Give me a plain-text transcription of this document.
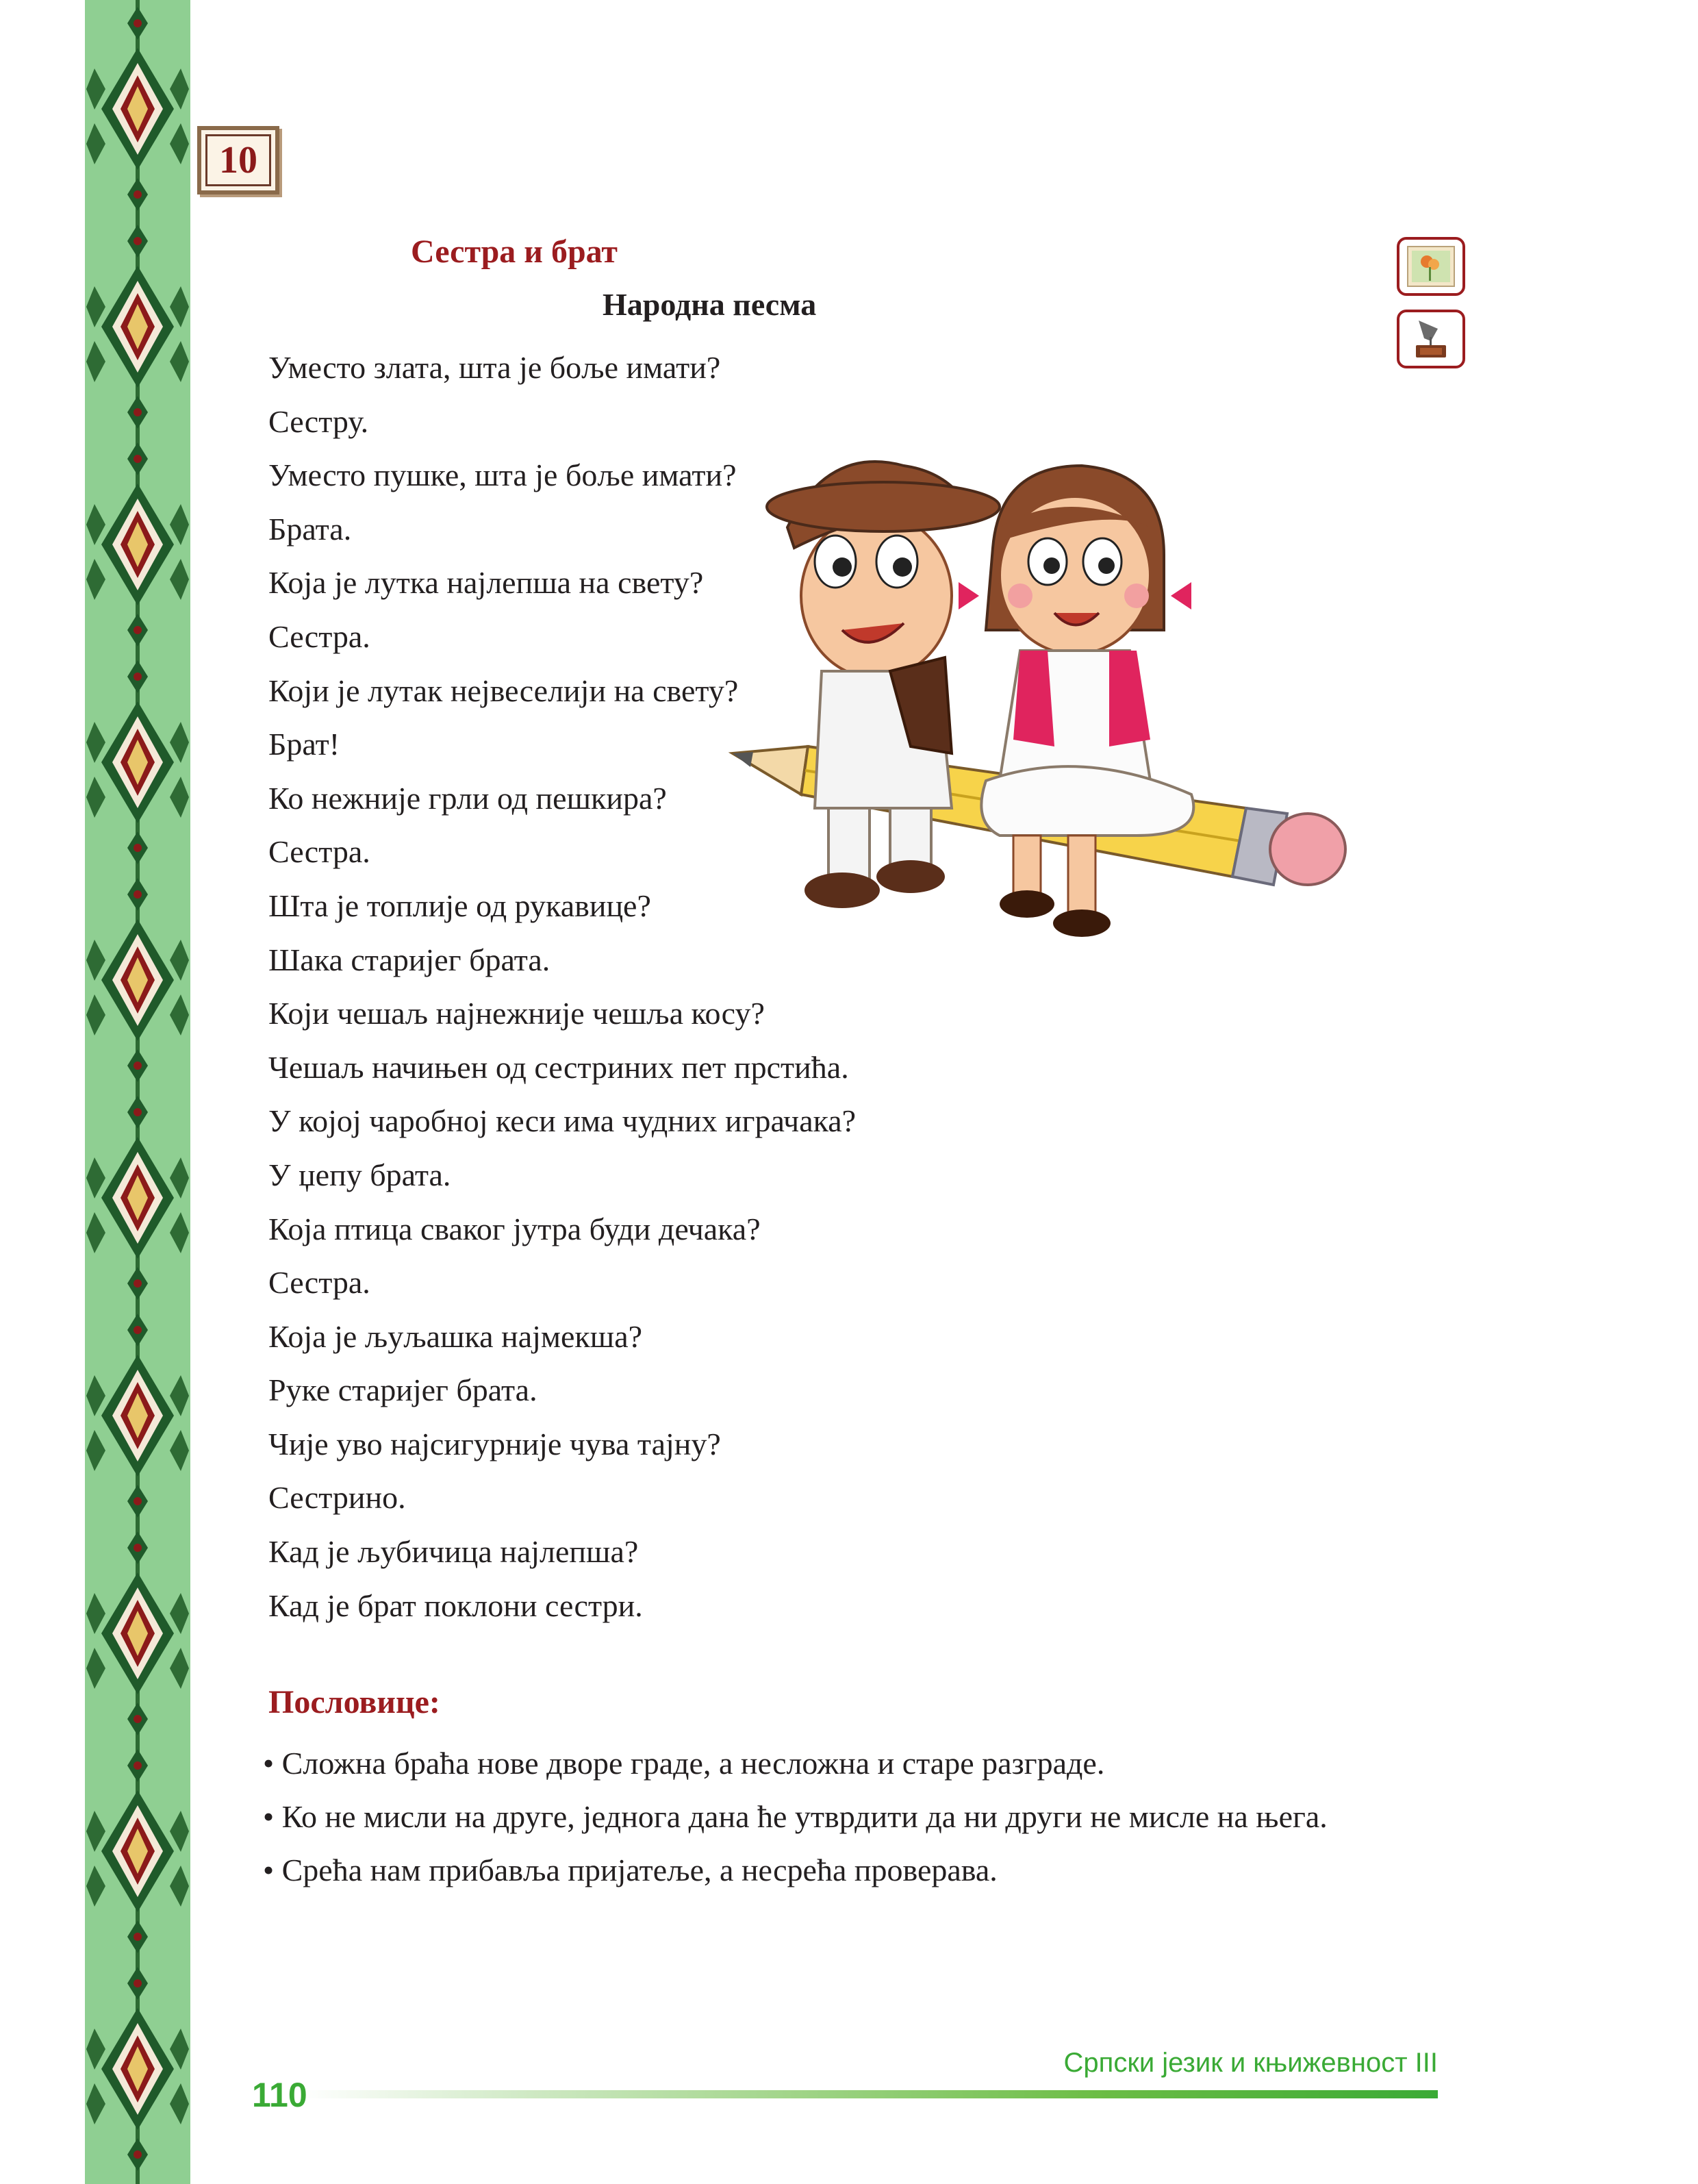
10
Сестра и брат
Народна песма
Уместо злата, шта је боље имати?
Сестру.
Уместо пушке, шта је боље имати?
Брата.
Која је лутка најлепша на свету?
Сестра.
Који је лутак нејвеселији на свету?
Брат!
Ко нежније грли од пешкира?
Сестра.
Шта је топлије од рукавице?
Шака старијег брата.
Који чешаљ најнежније чешља косу?
Чешаљ начињен од сестриних пет прстића.
У којој чаробној кеси има чудних играчака?
У џепу брата.
Која птица сваког јутра буди дечака?
Сестра.
Која је љуљашка најмекша?
Руке старијег брата.
Чије уво најсигурније чува тајну?
Сестрино.
Кад је љубичица најлепша?
Кад је брат поклони сестри.
Пословице:
• Сложна браћа нове дворе граде, а несложна и старе разграде.
• Ко не мисли на друге, једнога дана ће утврдити да ни други не мисле на њега.
• Срећа нам прибавља пријатеље, а несрећа проверава.
Српски језик и књижевност III
110
